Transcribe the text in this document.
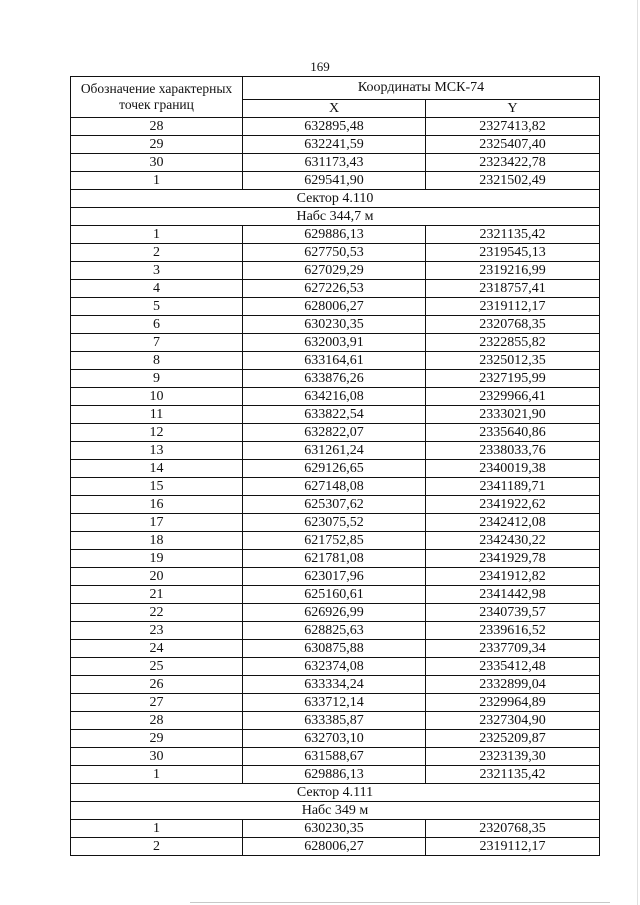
169
Обозначение характерных точек границ	Координаты МСК-74	
	X	Y
28	632895,48	2327413,82
29	632241,59	2325407,40
30	631173,43	2323422,78
1	629541,90	2321502,49
Сектор 4.110		
Набс 344,7 м		
1	629886,13	2321135,42
2	627750,53	2319545,13
3	627029,29	2319216,99
4	627226,53	2318757,41
5	628006,27	2319112,17
6	630230,35	2320768,35
7	632003,91	2322855,82
8	633164,61	2325012,35
9	633876,26	2327195,99
10	634216,08	2329966,41
11	633822,54	2333021,90
12	632822,07	2335640,86
13	631261,24	2338033,76
14	629126,65	2340019,38
15	627148,08	2341189,71
16	625307,62	2341922,62
17	623075,52	2342412,08
18	621752,85	2342430,22
19	621781,08	2341929,78
20	623017,96	2341912,82
21	625160,61	2341442,98
22	626926,99	2340739,57
23	628825,63	2339616,52
24	630875,88	2337709,34
25	632374,08	2335412,48
26	633334,24	2332899,04
27	633712,14	2329964,89
28	633385,87	2327304,90
29	632703,10	2325209,87
30	631588,67	2323139,30
1	629886,13	2321135,42
Сектор 4.111		
Набс 349 м		
1	630230,35	2320768,35
2	628006,27	2319112,17
